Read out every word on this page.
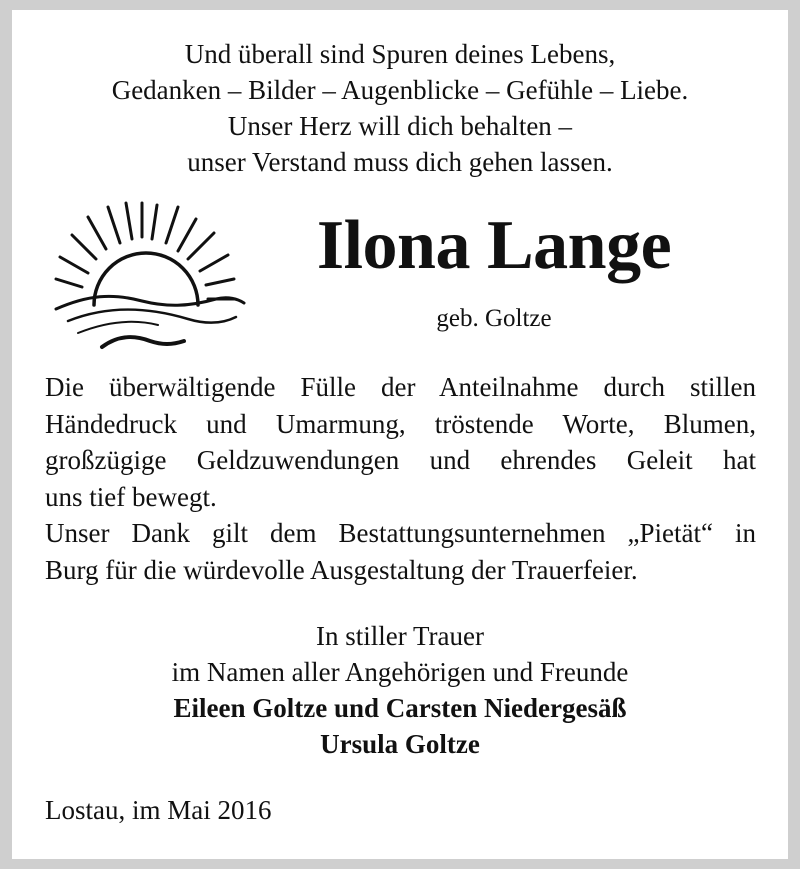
Und überall sind Spuren deines Lebens,
Gedanken – Bilder – Augenblicke – Gefühle – Liebe.
Unser Herz will dich behalten –
unser Verstand muss dich gehen lassen.
Ilona Lange
geb. Goltze
Die überwältigende Fülle der Anteilnahme durch stillen
Händedruck und Umarmung, tröstende Worte, Blumen,
großzügige Geldzuwendungen und ehrendes Geleit hat
uns tief bewegt.
Unser Dank gilt dem Bestattungsunternehmen „Pietät“ in
Burg für die würdevolle Ausgestaltung der Trauerfeier.
In stiller Trauer
im Namen aller Angehörigen und Freunde
Eileen Goltze und Carsten Niedergesäß
Ursula Goltze
Lostau, im Mai 2016
